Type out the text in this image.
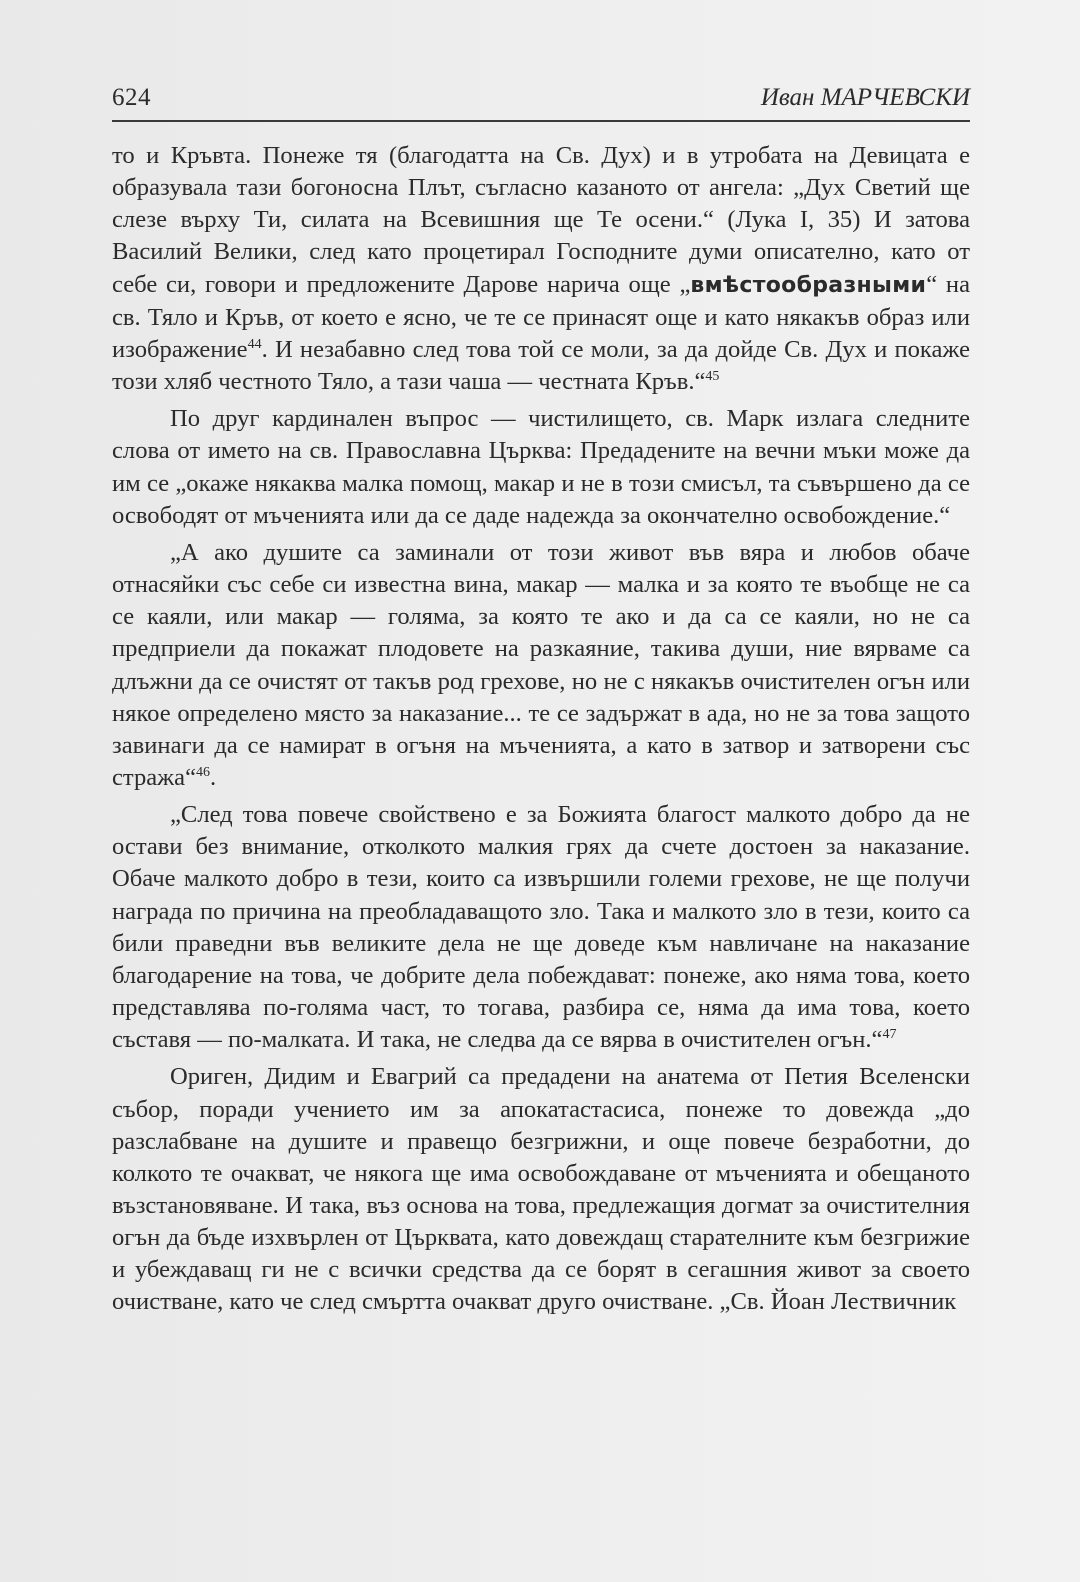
624	Иван МАРЧЕВСКИ

то и Кръвта. Понеже тя (благодатта на Св. Дух) и в утробата на Девицата е образувала тази богоносна Плът, съгласно казаното от ангела: „Дух Светий ще слезе върху Ти, силата на Всевишния ще Те осени.“ (Лука I, 35) И затова Василий Велики, след като процетирал Господните думи описателно, като от себе си, говори и предложените Дарове нарича още „вмѣстообразными“ на св. Тяло и Кръв, от което е ясно, че те се принасят още и като някакъв образ или изображение$^{44}$. И незабавно след това той се моли, за да дойде Св. Дух и покаже този хляб честното Тяло, а тази чаша — честната Кръв.“$^{45}$

По друг кардинален въпрос — чистилището, св. Марк излага следните слова от името на св. Православна Църква: Предадените на вечни мъки може да им се „окаже някаква малка помощ, макар и не в този смисъл, та съвършено да се освободят от мъченията или да се даде надежда за окончателно освобождение.“

„А ако душите са заминали от този живот във вяра и любов обаче отнасяйки със себе си известна вина, макар — малка и за която те въобще не са се каяли, или макар — голяма, за която те ако и да са се каяли, но не са предприели да покажат плодовете на разкаяние, такива души, ние вярваме са длъжни да се очистят от такъв род грехове, но не с някакъв очистителен огън или някое определено място за наказание... те се задържат в ада, но не за това защото завинаги да се намират в огъня на мъченията, а като в затвор и затворени със стража“$^{46}$.

„След това повече свойствено е за Божията благост малкото добро да не остави без внимание, отколкото малкия грях да счете достоен за наказание. Обаче малкото добро в тези, които са извършили големи грехове, не ще получи награда по причина на преобладаващото зло. Така и малкото зло в тези, които са били праведни във великите дела не ще доведе към навличане на наказание благодарение на това, че добрите дела побеждават: понеже, ако няма това, което представлява по-голяма част, то тогава, разбира се, няма да има това, което съставя — по-малката. И така, не следва да се вярва в очистителен огън.“$^{47}$

Ориген, Дидим и Евагрий са предадени на анатема от Петия Вселенски събор, поради учението им за апокатастасиса, понеже то довежда „до разслабване на душите и правещо безгрижни, и още повече безработни, до колкото те очакват, че някога ще има освобождаване от мъченията и обещаното възстановяване. И така, въз основа на това, предлежащия догмат за очистителния огън да бъде изхвърлен от Църквата, като довеждащ старателните към безгрижие и убеждаващ ги не с всички средства да се борят в сегашния живот за своето очистване, като че след смъртта очакват друго очистване. „Св. Йоан Лествичник
